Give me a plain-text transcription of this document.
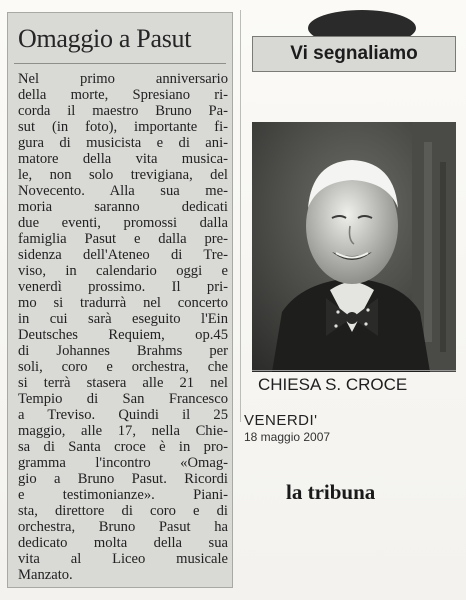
Omaggio a Pasut
Nel primo anniversario
della morte, Spresiano ri-
corda il maestro Bruno Pa-
sut (in foto), importante fi-
gura di musicista e di ani-
matore della vita musica-
le, non solo trevigiana, del
Novecento. Alla sua me-
moria saranno dedicati
due eventi, promossi dalla
famiglia Pasut e dalla pre-
sidenza dell'Ateneo di Tre-
viso, in calendario oggi e
venerdì prossimo. Il pri-
mo si tradurrà nel concerto
in cui sarà eseguito l'Ein
Deutsches Requiem, op.45
di Johannes Brahms per
soli, coro e orchestra, che
si terrà stasera alle 21 nel
Tempio di San Francesco
a Treviso. Quindi il 25
maggio, alle 17, nella Chie-
sa di Santa croce è in pro-
gramma l'incontro «Omag-
gio a Bruno Pasut. Ricordi
e testimonianze». Piani-
sta, direttore di coro e di
orchestra, Bruno Pasut ha
dedicato molta della sua
vita al Liceo musicale
Manzato.
Vi segnaliamo
CHIESA S. CROCE
VENERDI'
18 maggio 2007
la tribuna
